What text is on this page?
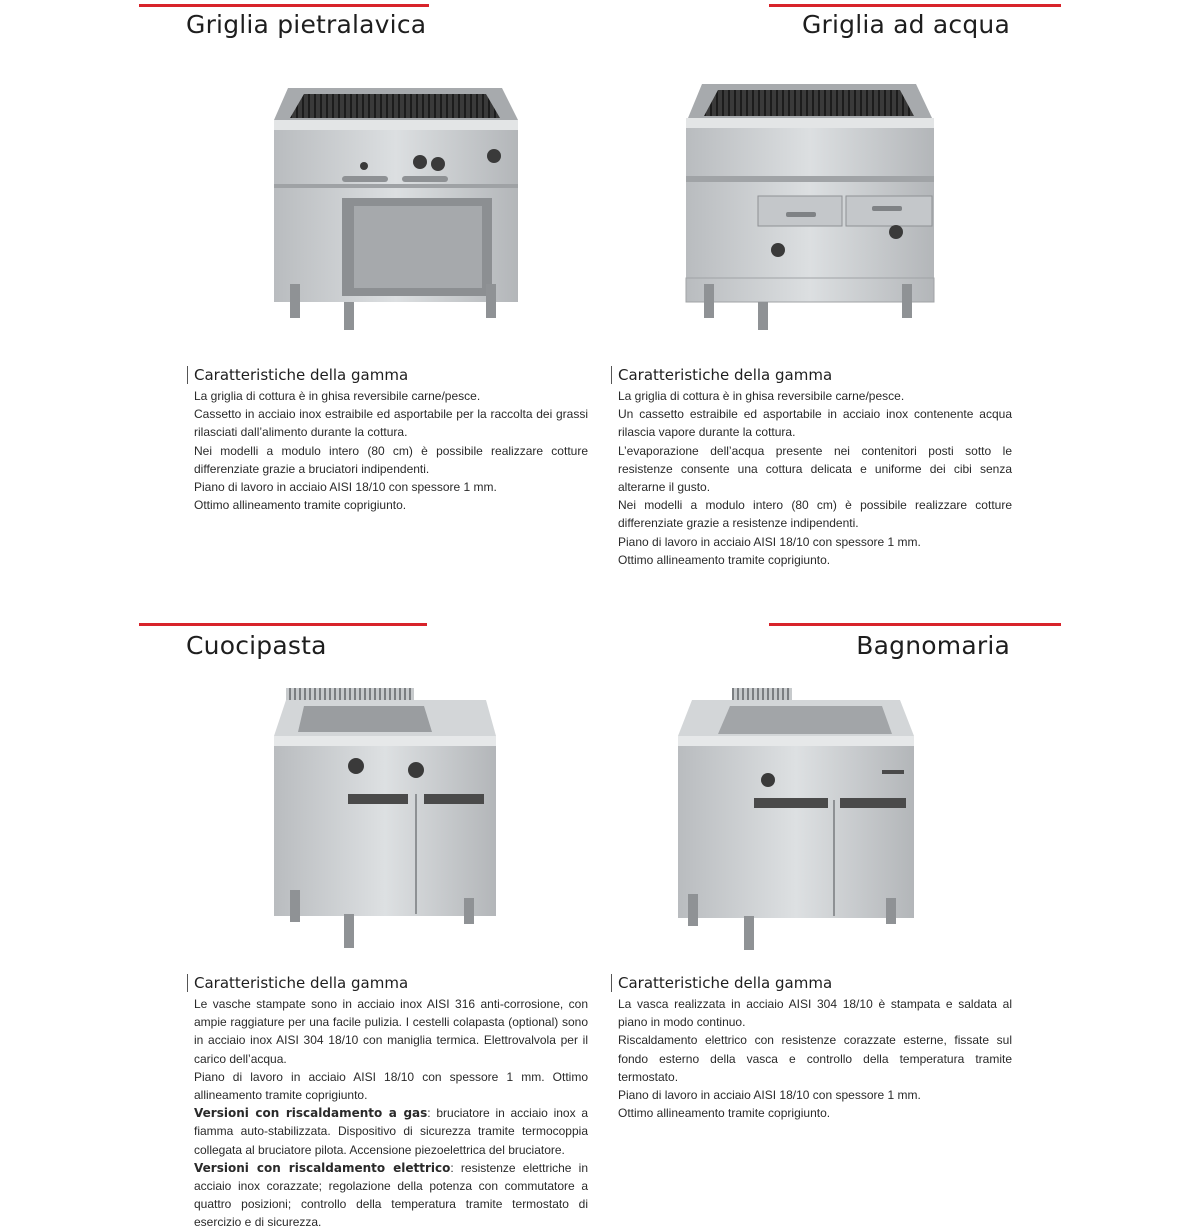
Griglia pietralavica
Caratteristiche della gamma

La griglia di cottura è in ghisa reversibile carne/pesce.

Cassetto in acciaio inox estraibile ed asportabile per la raccolta dei grassi rilasciati dall’alimento durante la cottura.

Nei modelli a modulo intero (80 cm) è possibile realizzare cotture differenziate grazie a bruciatori indipendenti.

Piano di lavoro in acciaio AISI 18/10 con spessore 1 mm.

Ottimo allineamento tramite coprigiunto.

Griglia ad acqua
Caratteristiche della gamma

La griglia di cottura è in ghisa reversibile carne/pesce.

Un cassetto estraibile ed asportabile in acciaio inox contenente acqua rilascia vapore durante la cottura.

L’evaporazione dell’acqua presente nei contenitori posti sotto le resistenze consente una cottura delicata e uniforme dei cibi senza alterarne il gusto.

Nei modelli a modulo intero (80 cm) è possibile realizzare cotture differenziate grazie a resistenze indipendenti.

Piano di lavoro in acciaio AISI 18/10 con spessore 1 mm.

Ottimo allineamento tramite coprigiunto.

Cuocipasta
Caratteristiche della gamma

Le vasche stampate sono in acciaio inox AISI 316 anti-corrosione, con ampie raggiature per una facile pulizia. I cestelli colapasta (optional) sono in acciaio inox AISI 304 18/10 con maniglia termica. Elettrovalvola per il carico dell’acqua.

Piano di lavoro in acciaio AISI 18/10 con spessore 1 mm. Ottimo allineamento tramite coprigiunto.

Versioni con riscaldamento a gas: bruciatore in acciaio inox a fiamma auto-stabilizzata. Dispositivo di sicurezza tramite termocoppia collegata al bruciatore pilota. Accensione piezoelettrica del bruciatore.

Versioni con riscaldamento elettrico: resistenze elettriche in acciaio inox corazzate; regolazione della potenza con commutatore a quattro posizioni; controllo della temperatura tramite termostato di esercizio e di sicurezza.

Bagnomaria
Caratteristiche della gamma

La vasca realizzata in acciaio AISI 304 18/10 è stampata e saldata al piano in modo continuo.

Riscaldamento elettrico con resistenze corazzate esterne, fissate sul fondo esterno della vasca e controllo della temperatura tramite termostato.

Piano di lavoro in acciaio AISI 18/10 con spessore 1 mm.

Ottimo allineamento tramite coprigiunto.
